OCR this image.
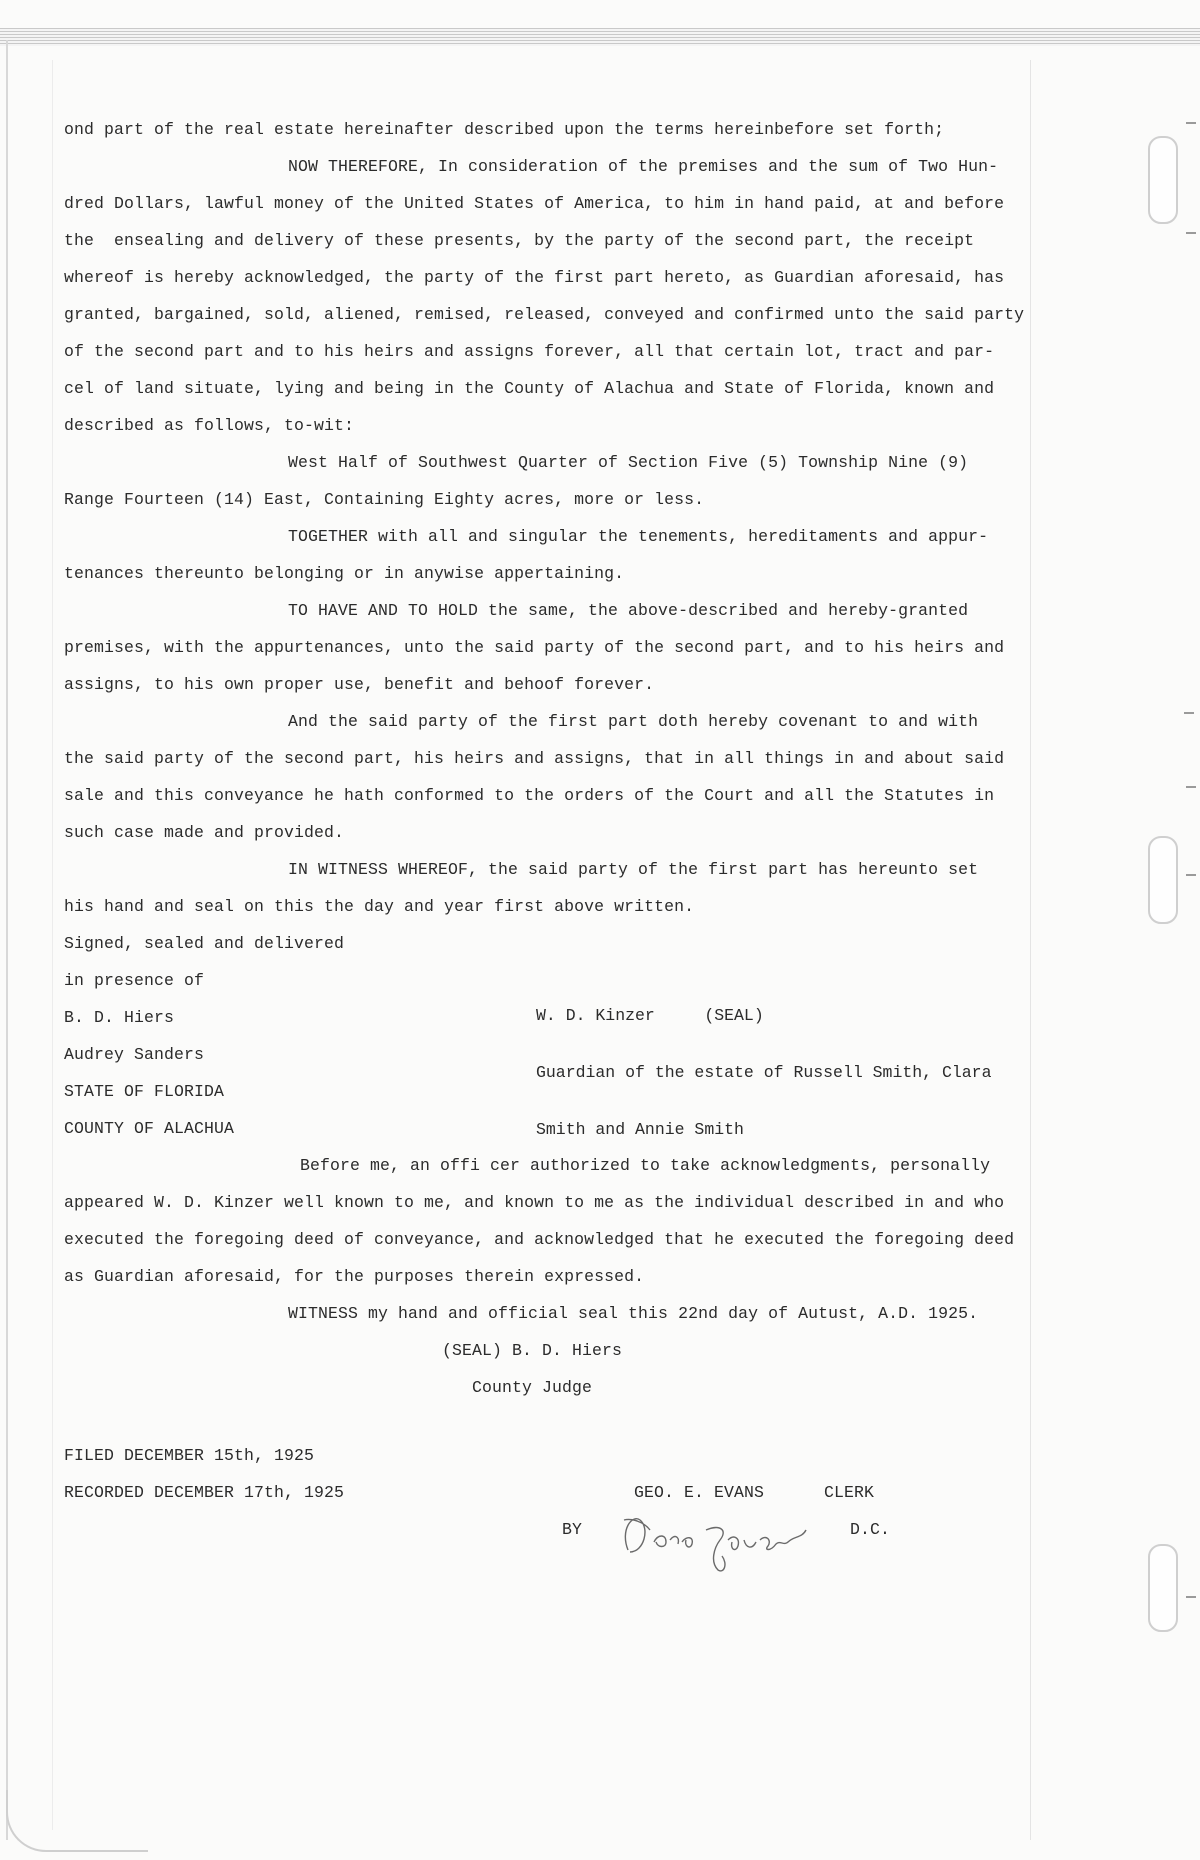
ond part of the real estate hereinafter described upon the terms hereinbefore set forth;

NOW THEREFORE, In consideration of the premises and the sum of Two Hun-

dred Dollars, lawful money of the United States of America, to him in hand paid, at and before

the  ensealing and delivery of these presents, by the party of the second part, the receipt

whereof is hereby acknowledged, the party of the first part hereto, as Guardian aforesaid, has

granted, bargained, sold, aliened, remised, released, conveyed and confirmed unto the said party

of the second part and to his heirs and assigns forever, all that certain lot, tract and par-

cel of land situate, lying and being in the County of Alachua and State of Florida, known and

described as follows, to-wit:

West Half of Southwest Quarter of Section Five (5) Township Nine (9)

Range Fourteen (14) East, Containing Eighty acres, more or less.

TOGETHER with all and singular the tenements, hereditaments and appur-

tenances thereunto belonging or in anywise appertaining.

TO HAVE AND TO HOLD the same, the above-described and hereby-granted

premises, with the appurtenances, unto the said party of the second part, and to his heirs and

assigns, to his own proper use, benefit and behoof forever.

And the said party of the first part doth hereby covenant to and with

the said party of the second part, his heirs and assigns, that in all things in and about said

sale and this conveyance he hath conformed to the orders of the Court and all the Statutes in

such case made and provided.

IN WITNESS WHEREOF, the said party of the first part has hereunto set

his hand and seal on this the day and year first above written.

Signed, sealed and delivered

in presence of

B. D. Hiers

Audrey Sanders

STATE OF FLORIDA

COUNTY OF ALACHUA

Before me, an offi cer authorized to take acknowledgments, personally

appeared W. D. Kinzer well known to me, and known to me as the individual described in and who

executed the foregoing deed of conveyance, and acknowledged that he executed the foregoing deed

as Guardian aforesaid, for the purposes therein expressed.

WITNESS my hand and official seal this 22nd day of Autust, A.D. 1925.

(SEAL) B. D. Hiers

County Judge

FILED DECEMBER 15th, 1925

RECORDED DECEMBER 17th, 1925

	GEO. E. EVANS      CLERK

BY

	D.C.

W. D. Kinzer     (SEAL)

Guardian of the estate of Russell Smith, Clara

Smith and Annie Smith
